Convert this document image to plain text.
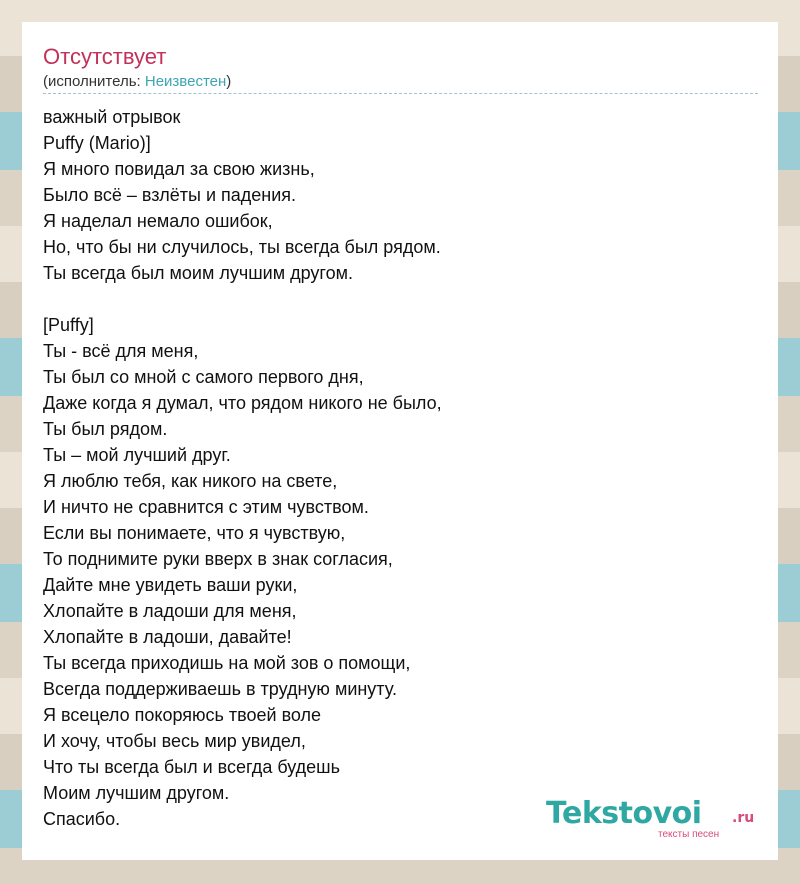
Отсутствует
(исполнитель: Неизвестен)
важный отрывок
Puffy (Mario)]
Я много повидал за свою жизнь,
Было всё – взлёты и падения.
Я наделал немало ошибок,
Но, что бы ни случилось, ты всегда был рядом.
Ты всегда был моим лучшим другом.
[Puffy]
Ты - всё для меня,
Ты был со мной с самого первого дня,
Даже когда я думал, что рядом никого не было,
Ты был рядом.
Ты – мой лучший друг.
Я люблю тебя, как никого на свете,
И ничто не сравнится с этим чувством.
Если вы понимаете, что я чувствую,
То поднимите руки вверх в знак согласия,
Дайте мне увидеть ваши руки,
Хлопайте в ладоши для меня,
Хлопайте в ладоши, давайте!
Ты всегда приходишь на мой зов о помощи,
Всегда поддерживаешь в трудную минуту.
Я всецело покоряюсь твоей воле
И хочу, чтобы весь мир увидел,
Что ты всегда был и всегда будешь
Моим лучшим другом.
Спасибо.	Tekstovoi .ru
тексты песен
